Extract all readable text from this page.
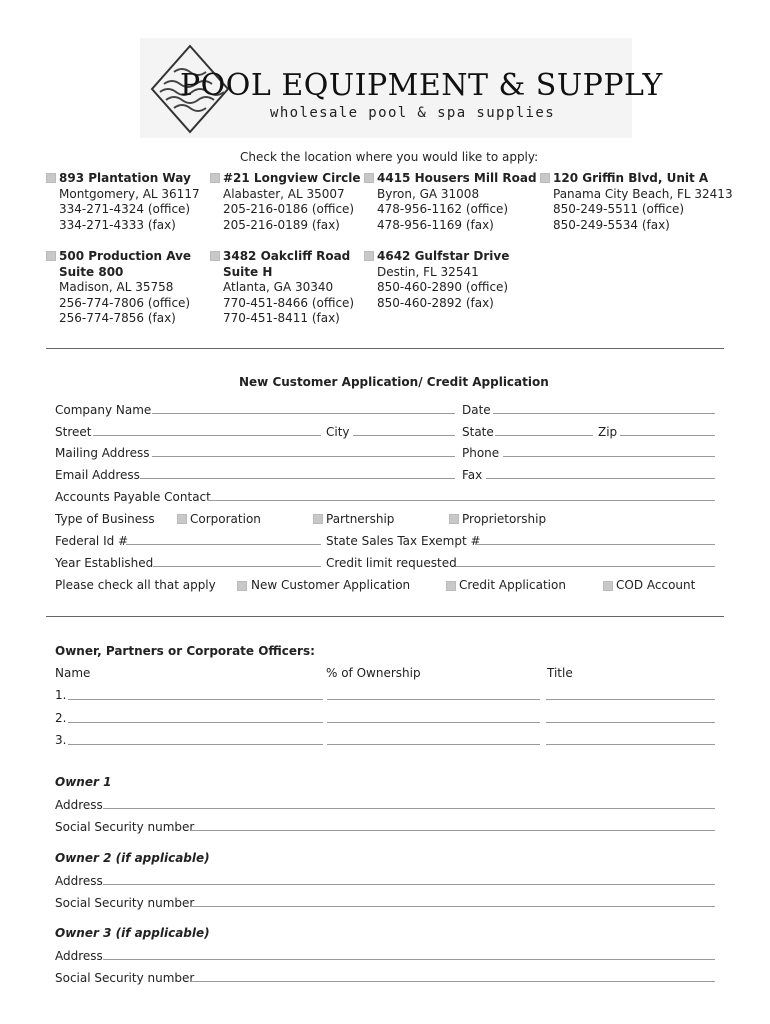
POOL EQUIPMENT & SUPPLY
wholesale pool & spa supplies
Check the location where you would like to apply:
893 Plantation Way
Montgomery, AL 36117
334-271-4324 (office)
334-271-4333 (fax)
#21 Longview Circle
Alabaster, AL 35007
205-216-0186 (office)
205-216-0189 (fax)
4415 Housers Mill Road
Byron, GA 31008
478-956-1162 (office)
478-956-1169 (fax)
120 Griffin Blvd, Unit A
Panama City Beach, FL 32413
850-249-5511 (office)
850-249-5534 (fax)
500 Production Ave
Suite 800
Madison, AL 35758
256-774-7806 (office)
256-774-7856 (fax)
3482 Oakcliff Road
Suite H
Atlanta, GA 30340
770-451-8466 (office)
770-451-8411 (fax)
4642 Gulfstar Drive
Destin, FL 32541
850-460-2890 (office)
850-460-2892 (fax)
New Customer Application/ Credit Application
Company Name	Date
Street	City	State	Zip
Mailing Address	Phone
Email Address	Fax
Accounts Payable Contact
Type of Business	Corporation	Partnership	Proprietorship
Federal Id #	State Sales Tax Exempt #
Year Established	Credit limit requested
Please check all that apply	New Customer Application	Credit Application	COD Account
Owner, Partners or Corporate Officers:
Name	% of Ownership	Title
1.
2.
3.
Owner 1
Address
Social Security number
Owner 2 (if applicable)
Address
Social Security number
Owner 3 (if applicable)
Address
Social Security number
